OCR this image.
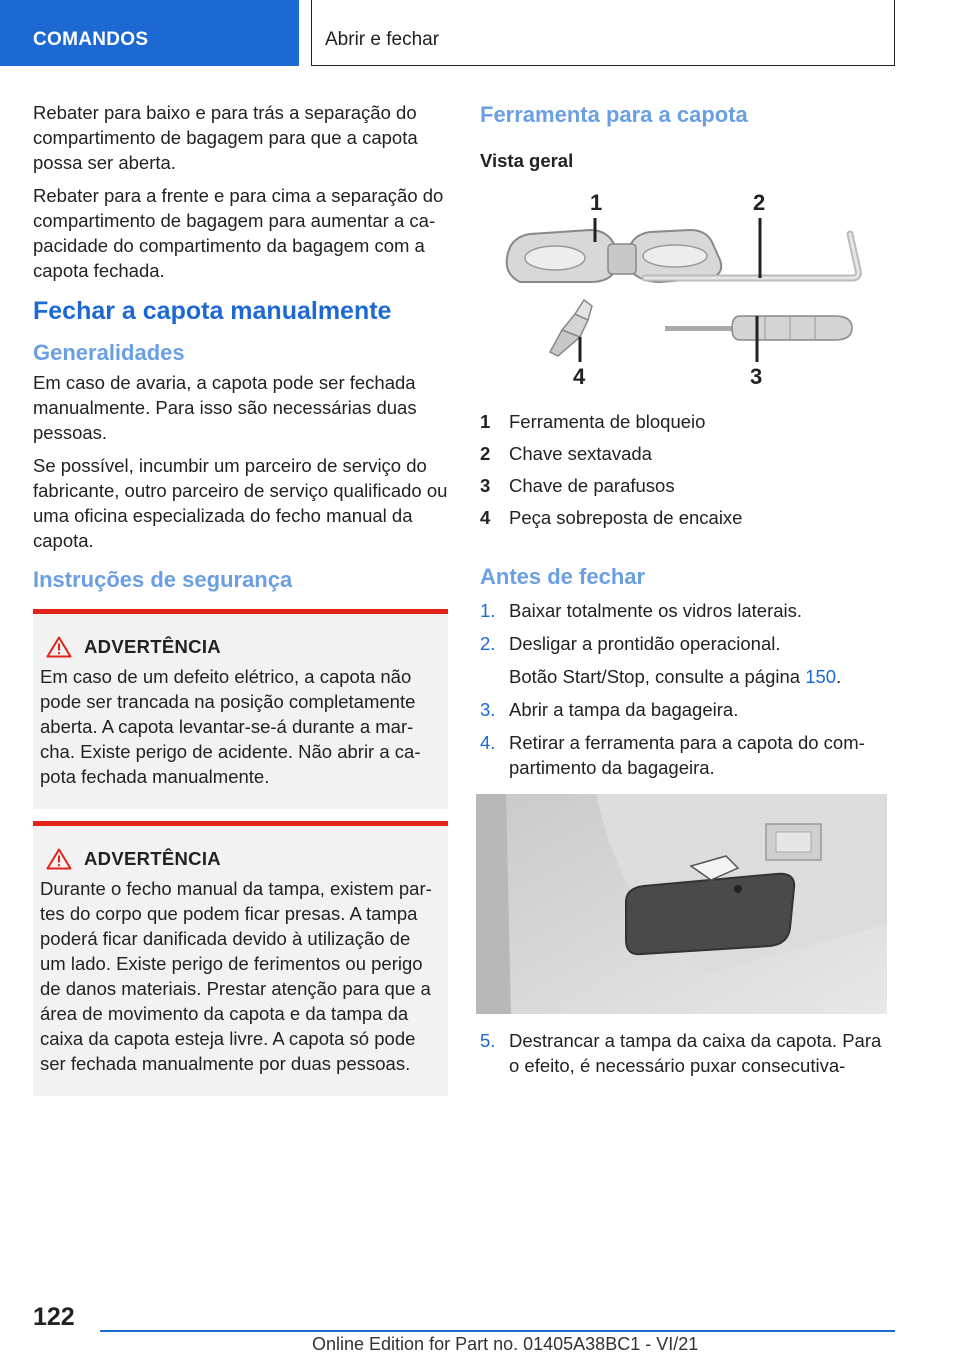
COMANDOS	Abrir e fechar

Rebater para baixo e para trás a separação do compartimento de bagagem para que a capota possa ser aberta.

Rebater para a frente e para cima a separação do compartimento de bagagem para aumentar a capacidade do compartimento da bagagem com a capota fechada.

Fechar a capota manualmente
Generalidades

Em caso de avaria, a capota pode ser fechada manualmente. Para isso são necessárias duas pessoas.

Se possível, incumbir um parceiro de serviço do fabricante, outro parceiro de serviço qualificado ou uma oficina especializada do fecho manual da capota.

Instruções de segurança
ADVERTÊNCIA

Em caso de um defeito elétrico, a capota não pode ser trancada na posição completamente aberta. A capota levantar-se-á durante a marcha. Existe perigo de acidente. Não abrir a capota fechada manualmente.

ADVERTÊNCIA

Durante o fecho manual da tampa, existem partes do corpo que podem ficar presas. A tampa poderá ficar danificada devido à utilização de um lado. Existe perigo de ferimentos ou perigo de danos materiais. Prestar atenção para que a área de movimento da capota e da tampa da caixa da capota esteja livre. A capota só pode ser fechada manualmente por duas pessoas.

Ferramenta para a capota
Vista geral
1	2
3
4
1	Ferramenta de bloqueio
2	Chave sextavada
3	Chave de parafusos
4	Peça sobreposta de encaixe
Antes de fechar
1. Baixar totalmente os vidros laterais.
2. Desligar a prontidão operacional.
Botão Start/Stop, consulte a página 150.
3. Abrir a tampa da bagageira.
4. Retirar a ferramenta para a capota do compartimento da bagageira.
5. Destrancar a tampa da caixa da capota. Para o efeito, é necessário puxar consecutiva-
122
Online Edition for Part no. 01405A38BC1 - VI/21
